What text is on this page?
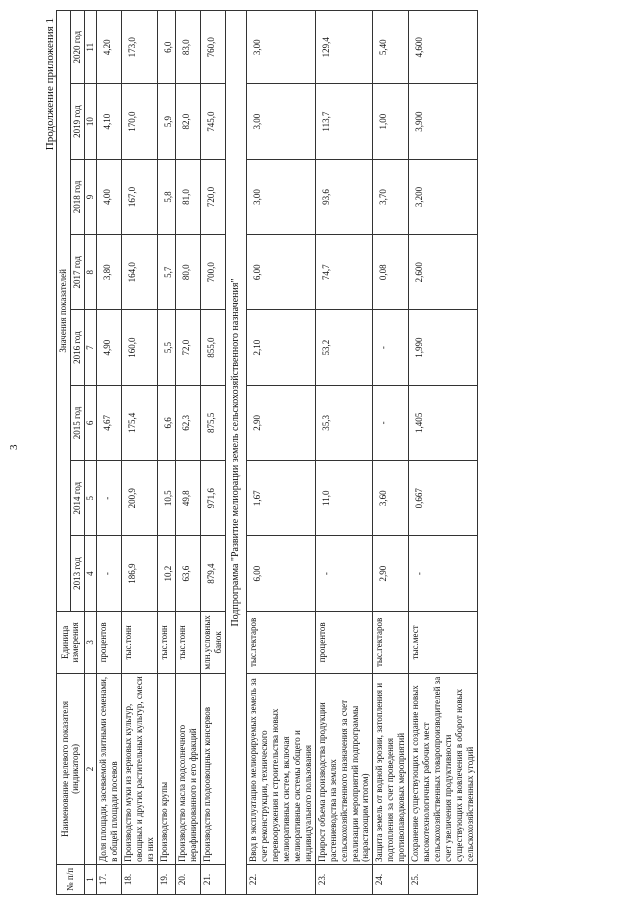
3
Продолжение приложения 1
№ п/п	Наименование целевого показателя (индикатора)	Единица измерения	Значения показателей							
			2013 год	2014 год	2015 год	2016 год	2017 год	2018 год	2019 год	2020 год
1	2	3	4	5	6	7	8	9	10	11
17.	Доля площади, засеваемой элитными семенами, в общей площади посевов	процентов	-	-	4,67	4,90	3,80	4,00	4,10	4,20
18.	Производство муки из зерновых культур, овощных и других растительных культур, смеси из них	тыс.тонн	186,9	200,9	175,4	160,0	164,0	167,0	170,0	173,0
19.	Производство крупы	тыс.тонн	10,2	10,5	6,6	5,5	5,7	5,8	5,9	6,0
20.	Производство масла подсолнечного нерафинированного и его фракций	тыс.тонн	63,6	49,8	62,3	72,0	80,0	81,0	82,0	83,0
21.	Производство плодоовощных консервов	млн.условных банок	879,4	971,6	875,5	855,0	700,0	720,0	745,0	760,0
Подпрограмма "Развитие мелиорации земель сельскохозяйственного назначения"										
22.	Ввод в эксплуатацию мелиорируемых земель за счет реконструкции, технического перевооружения и строительства новых мелиоративных систем, включая мелиоративные системы общего и индивидуального пользования	тыс.гектаров	6,00	1,67	2,90	2,10	6,00	3,00	3,00	3,00
23.	Прирост объема производства продукции растениеводства на землях сельскохозяйственного назначения за счет реализации мероприятий подпрограммы (нарастающим итогом)	процентов	-	11,0	35,3	53,2	74,7	93,6	113,7	129,4
24.	Защита земель от водной эрозии, затопления и подтопления за счет проведения противопаводковых мероприятий	тыс.гектаров	2,90	3,60	-	-	0,08	3,70	1,00	5,40
25.	Сохранение существующих и создание новых высокотехнологичных рабочих мест сельскохозяйственных товаропроизводителей за счет увеличения продуктивности существующих и вовлечения в оборот новых сельскохозяйственных угодий	тыс.мест	-	0,667	1,405	1,990	2,600	3,200	3,900	4,600
